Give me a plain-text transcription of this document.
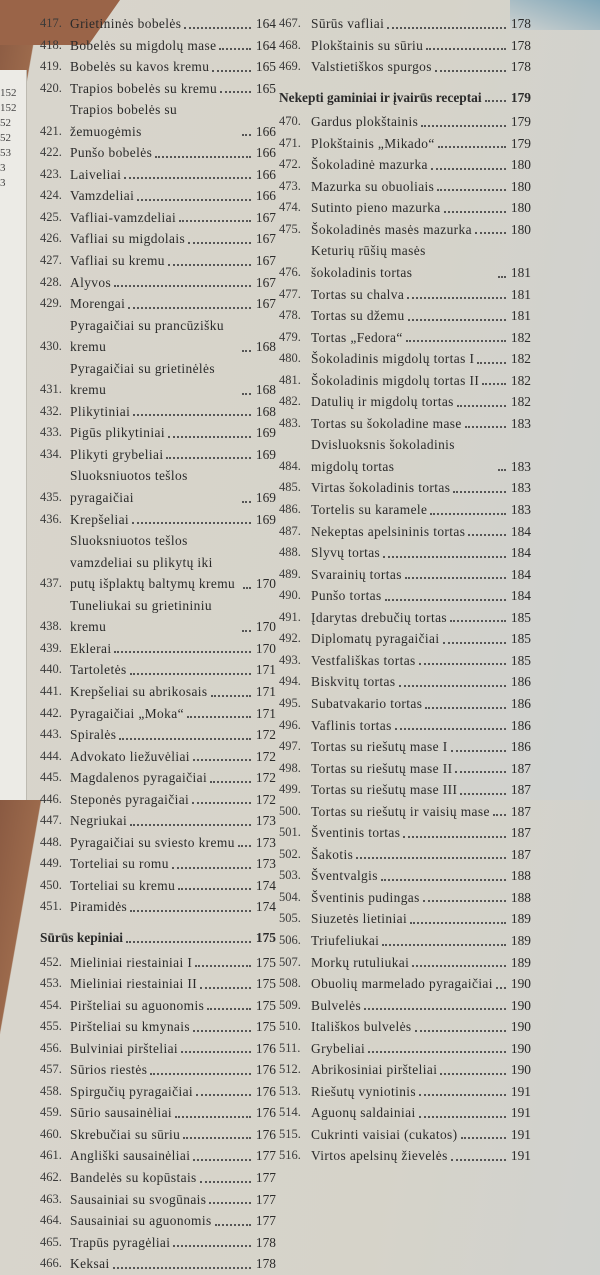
152
152
52
52
53
3
3
417. Grietininės bobelės	164
418. Bobelės su migdolų mase	164
419. Bobelės su kavos kremu	165
420. Trapios bobelės su kremu	165
421.
Trapios bobelės su žemuogėmis	166
422. Punšo bobelės	166
423. Laiveliai	166
424. Vamzdeliai	166
425. Vafliai-vamzdeliai	167
426. Vafliai su migdolais	167
427. Vafliai su kremu	167
428. Alyvos	167
429. Morengai	167
430.
Pyragaičiai su prancūzišku kremu	168
431.
Pyragaičiai su grietinėlės kremu	168
432. Plikytiniai	168
433. Pigūs plikytiniai	169
434. Plikyti grybeliai	169
435.
Sluoksniuotos tešlos pyragaičiai	169
436. Krepšeliai	169
437.
Sluoksniuotos tešlos vamzdeliai su plikytų iki putų išplaktų baltymų kremu	170
438.
Tuneliukai su grietininiu kremu	170
439. Eklerai	170
440. Tartoletės	171
441. Krepšeliai su abrikosais	171
442. Pyragaičiai „Moka“	171
443. Spiralės	172
444. Advokato liežuvėliai	172
445. Magdalenos pyragaičiai	172
446. Steponės pyragaičiai	172
447. Negriukai	173
448. Pyragaičiai su sviesto kremu 173
449. Torteliai su romu	173
450. Torteliai su kremu	174
451. Piramidės	174
Sūrūs kepiniai	175
452. Mieliniai riestainiai I	175
453. Mieliniai riestainiai II	175
454. Piršteliai su aguonomis	175
455. Piršteliai su kmynais	175
456. Bulviniai piršteliai	176
457. Sūrios riestės	176
458. Spirgučių pyragaičiai	176
459. Sūrio sausainėliai	176
460. Skrebučiai su sūriu	176
461. Angliški sausainėliai	177
462. Bandelės su kopūstais	177
463. Sausainiai su svogūnais	177
464. Sausainiai su aguonomis	177
465. Trapūs pyragėliai	178
466. Keksai	178
467. Sūrūs vafliai	178
468. Plokštainis su sūriu	178
469. Valstietiškos spurgos	178
Nekepti gaminiai ir įvairūs receptai 179
470. Gardus plokštainis	179
471. Plokštainis „Mikado“	179
472. Šokoladinė mazurka	180
473. Mazurka su obuoliais	180
474. Sutinto pieno mazurka	180
475. Šokoladinės masės mazurka	180
476.
Keturių rūšių masės šokoladinis tortas	181
477. Tortas su chalva	181
478. Tortas su džemu	181
479. Tortas „Fedora“	182
480. Šokoladinis migdolų tortas I	182
481. Šokoladinis migdolų tortas II 182
482. Datulių ir migdolų tortas	182
483. Tortas su šokoladine mase	183
484.
Dvisluoksnis šokoladinis migdolų tortas	183
485. Virtas šokoladinis tortas	183
486. Tortelis su karamele	183
487. Nekeptas apelsininis tortas	184
488. Slyvų tortas	184
489. Svarainių tortas	184
490. Punšo tortas	184
491. Įdarytas drebučių tortas	185
492. Diplomatų pyragaičiai	185
493. Vestfališkas tortas	185
494. Biskvitų tortas	186
495. Subatvakario tortas	186
496. Vaflinis tortas	186
497. Tortas su riešutų mase I	186
498. Tortas su riešutų mase II	187
499. Tortas su riešutų mase III	187
500. Tortas su riešutų ir vaisių mase 187
501. Šventinis tortas	187
502. Šakotis	187
503. Šventvalgis	188
504. Šventinis pudingas	188
505. Siuzetės lietiniai	189
506. Triufeliukai	189
507. Morkų rutuliukai	189
508. Obuolių marmelado pyragaičiai 190
509. Bulvelės	190
510. Itališkos bulvelės	190
511. Grybeliai	190
512. Abrikosiniai piršteliai	190
513. Riešutų vyniotinis	191
514. Aguonų saldainiai	191
515. Cukrinti vaisiai (cukatos)	191
516. Virtos apelsinų žievelės	191
